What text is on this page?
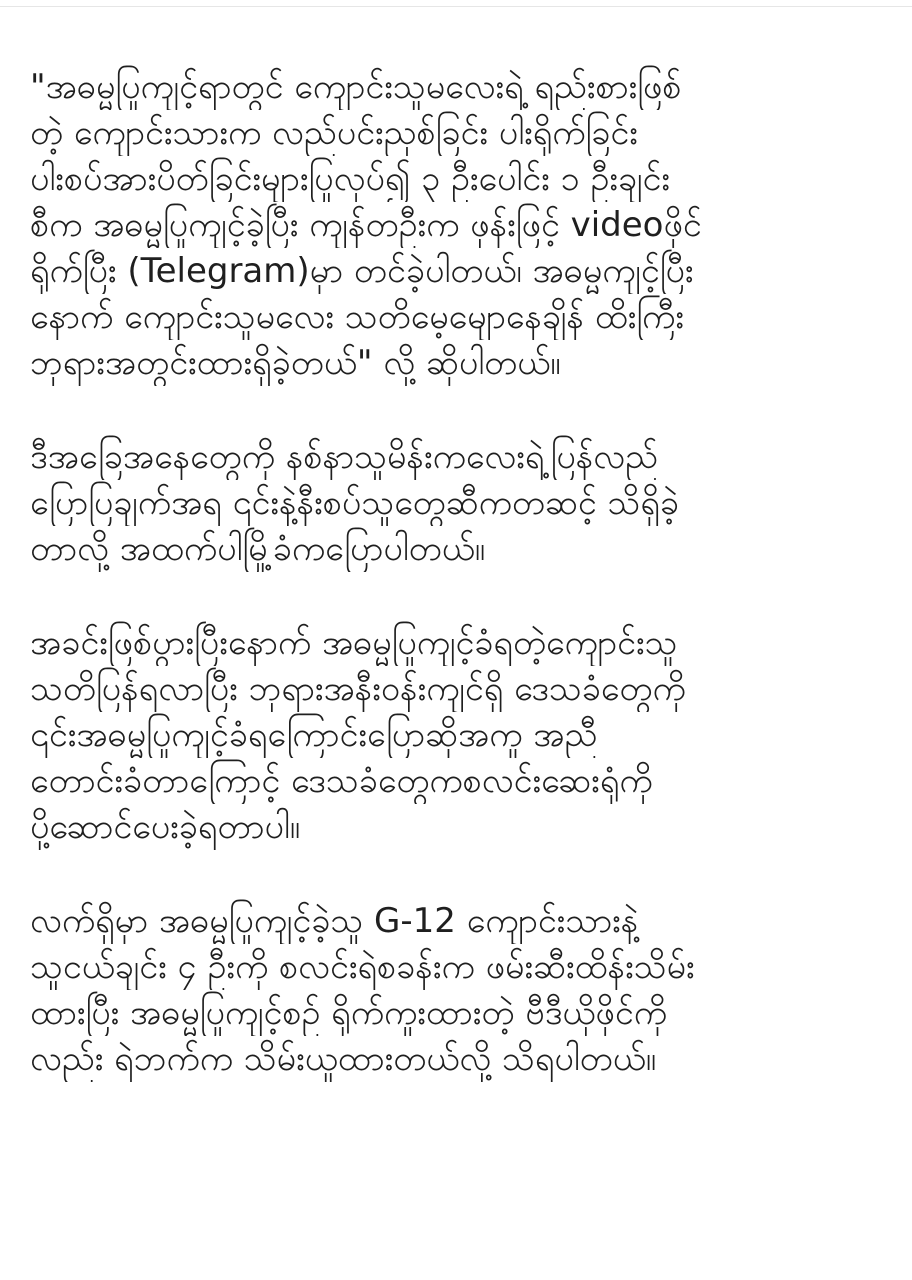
"အဓမ္မပြုကျင့်ရာတွင် ကျောင်းသူမလေးရဲ့ ရည်းစားဖြစ်
တဲ့ ကျောင်းသားက လည်ပင်းညှစ်ခြင်း ပါးရိုက်ခြင်း
ပါးစပ်အားပိတ်ခြင်းများပြုလုပ်၍ ၃ ဦးပေါင်း ၁ ဦးချင်း
စီက အဓမ္မပြုကျင့်ခဲ့ပြီး ကျန်တဦးက ဖုန်းဖြင့် videoဖိုင်
ရိုက်ပြီး (Telegram)မှာ တင်ခဲ့ပါတယ်၊ အဓမ္မကျင့်ပြီး
နောက် ကျောင်းသူမလေး သတိမေ့မျောနေချိန် ထိးကြီး
ဘုရားအတွင်းထားရှိခဲ့တယ်" လို့ ဆိုပါတယ်။
ဒီအခြေအနေတွေကို နစ်နာသူမိန်းကလေးရဲ့ပြန်လည်
ပြောပြချက်အရ ၎င်းနဲ့နီးစပ်သူတွေဆီကတဆင့် သိရှိခဲ့
တာလို့ အထက်ပါမြို့ခံကပြောပါတယ်။
အခင်းဖြစ်ပွားပြီးနောက် အဓမ္မပြုကျင့်ခံရတဲ့ကျောင်းသူ
သတိပြန်ရလာပြီး ဘုရားအနီးဝန်းကျင်ရှိ ဒေသခံတွေကို
၎င်းအဓမ္မပြုကျင့်ခံရကြောင်းပြောဆိုအကူ အညီ
တောင်းခံတာကြောင့် ဒေသခံတွေကစလင်းဆေးရုံကို
ပို့ဆောင်ပေးခဲ့ရတာပါ။
လက်ရှိမှာ အဓမ္မပြုကျင့်ခဲ့သူ G-12 ကျောင်းသားနဲ့
သူငယ်ချင်း ၄ ဦးကို စလင်းရဲစခန်းက ဖမ်းဆီးထိန်းသိမ်း
ထားပြီး အဓမ္မပြုကျင့်စဥ် ရိုက်ကူးထားတဲ့ ဗီဒီယိုဖိုင်ကို
လည်း ရဲဘက်က သိမ်းယူထားတယ်လို့ သိရပါတယ်။
